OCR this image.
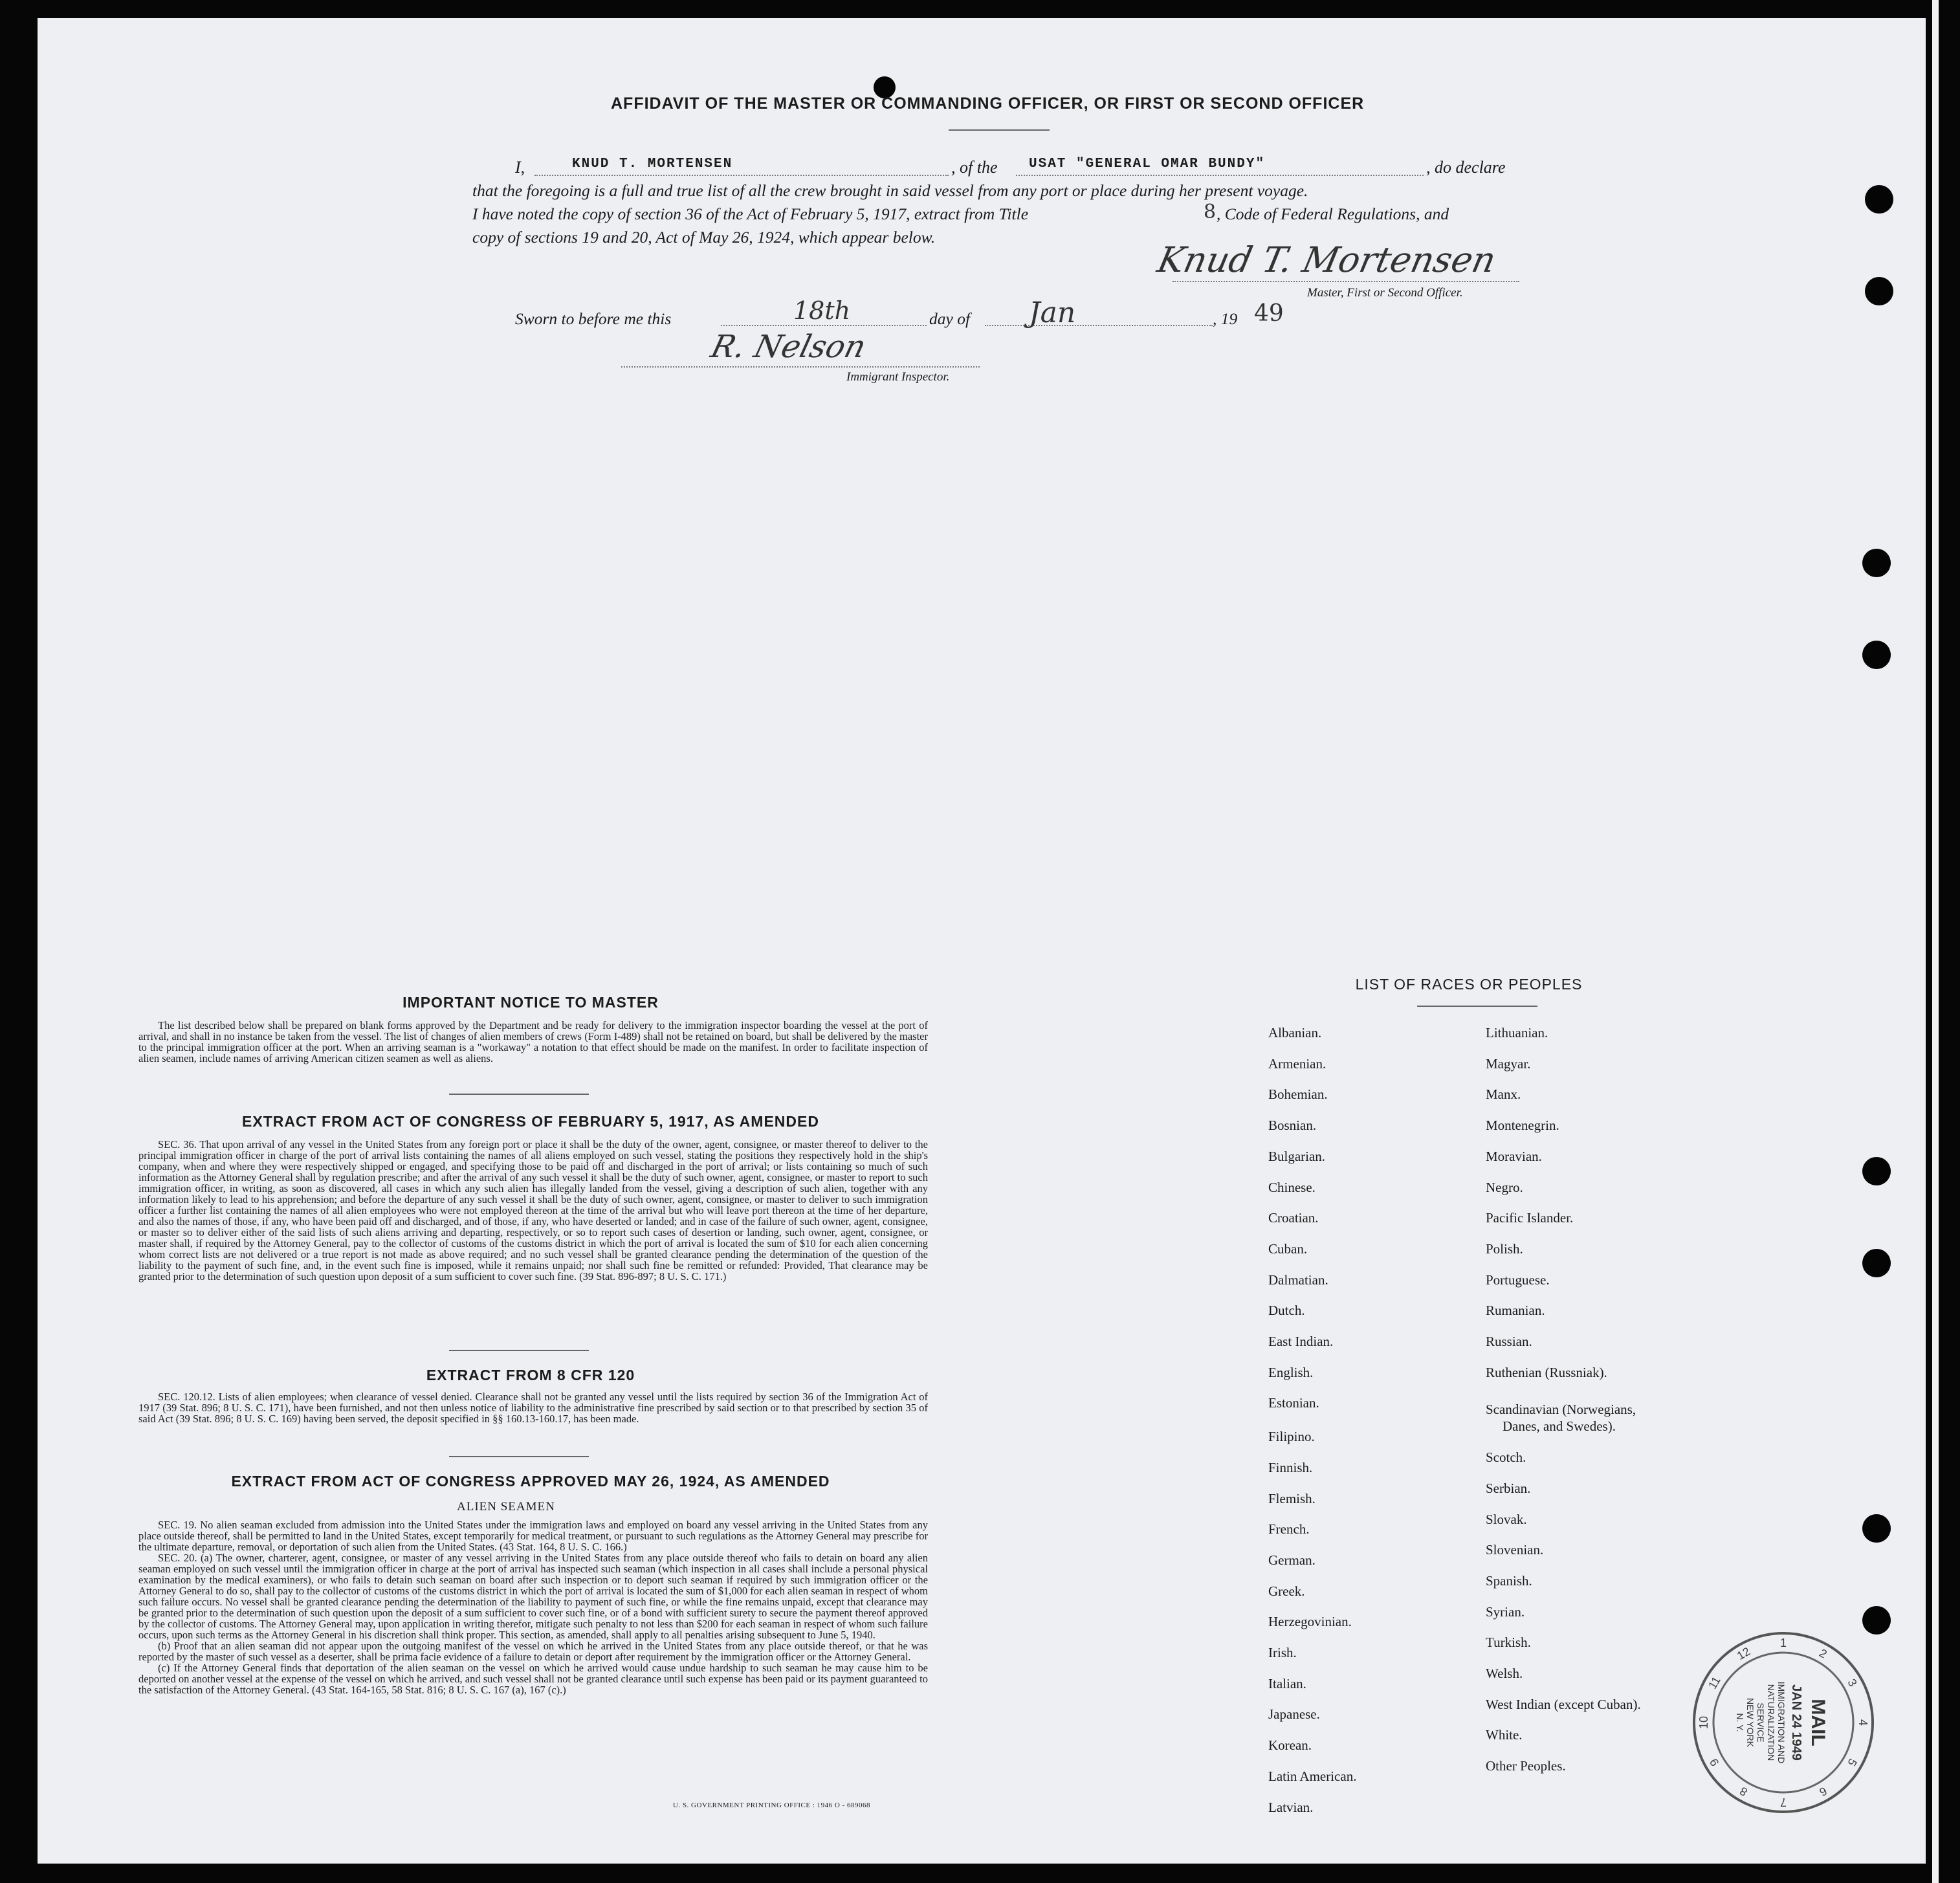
AFFIDAVIT OF THE MASTER OR COMMANDING OFFICER, OR FIRST OR SECOND OFFICER
I,	KNUD T. MORTENSEN	, of the USAT "GENERAL OMAR BUNDY"	, do declare
that the foregoing is a full and true list of all the crew brought in said vessel from any port or place during her present voyage.
I have noted the copy of section 36 of the Act of February 5, 1917, extract from Title	8 , Code of Federal Regulations, and
copy of sections 19 and 20, Act of May 26, 1924, which appear below.
Knud T. Mortensen
Master, First or Second Officer.
Sworn to before me this	18th	day of Jan	, 19 49
R. Nelson
Immigrant Inspector.
IMPORTANT NOTICE TO MASTER

The list described below shall be prepared on blank forms approved by the Department and be ready for delivery to the immigration inspector boarding the vessel at the port of arrival, and shall in no instance be taken from the vessel. The list of changes of alien members of crews (Form I-489) shall not be retained on board, but shall be delivered by the master to the principal immigration officer at the port. When an arriving seaman is a "workaway" a notation to that effect should be made on the manifest. In order to facilitate inspection of alien seamen, include names of arriving American citizen seamen as well as aliens.

EXTRACT FROM ACT OF CONGRESS OF FEBRUARY 5, 1917, AS AMENDED

SEC. 36. That upon arrival of any vessel in the United States from any foreign port or place it shall be the duty of the owner, agent, consignee, or master thereof to deliver to the principal immigration officer in charge of the port of arrival lists containing the names of all aliens employed on such vessel, stating the positions they respectively hold in the ship's company, when and where they were respectively shipped or engaged, and specifying those to be paid off and discharged in the port of arrival; or lists containing so much of such information as the Attorney General shall by regulation prescribe; and after the arrival of any such vessel it shall be the duty of such owner, agent, consignee, or master to report to such immigration officer, in writing, as soon as discovered, all cases in which any such alien has illegally landed from the vessel, giving a description of such alien, together with any information likely to lead to his apprehension; and before the departure of any such vessel it shall be the duty of such owner, agent, consignee, or master to deliver to such immigration officer a further list containing the names of all alien employees who were not employed thereon at the time of the arrival but who will leave port thereon at the time of her departure, and also the names of those, if any, who have been paid off and discharged, and of those, if any, who have deserted or landed; and in case of the failure of such owner, agent, consignee, or master so to deliver either of the said lists of such aliens arriving and departing, respectively, or so to report such cases of desertion or landing, such owner, agent, consignee, or master shall, if required by the Attorney General, pay to the collector of customs of the customs district in which the port of arrival is located the sum of $10 for each alien concerning whom correct lists are not delivered or a true report is not made as above required; and no such vessel shall be granted clearance pending the determination of the question of the liability to the payment of such fine, and, in the event such fine is imposed, while it remains unpaid; nor shall such fine be remitted or refunded: Provided, That clearance may be granted prior to the determination of such question upon deposit of a sum sufficient to cover such fine. (39 Stat. 896-897; 8 U. S. C. 171.)

EXTRACT FROM 8 CFR 120

SEC. 120.12. Lists of alien employees; when clearance of vessel denied. Clearance shall not be granted any vessel until the lists required by section 36 of the Immigration Act of 1917 (39 Stat. 896; 8 U. S. C. 171), have been furnished, and not then unless notice of liability to the administrative fine prescribed by said section or to that prescribed by section 35 of said Act (39 Stat. 896; 8 U. S. C. 169) having been served, the deposit specified in §§ 160.13-160.17, has been made.

EXTRACT FROM ACT OF CONGRESS APPROVED MAY 26, 1924, AS AMENDED
ALIEN SEAMEN

SEC. 19. No alien seaman excluded from admission into the United States under the immigration laws and employed on board any vessel arriving in the United States from any place outside thereof, shall be permitted to land in the United States, except temporarily for medical treatment, or pursuant to such regulations as the Attorney General may prescribe for the ultimate departure, removal, or deportation of such alien from the United States. (43 Stat. 164, 8 U. S. C. 166.)

SEC. 20. (a) The owner, charterer, agent, consignee, or master of any vessel arriving in the United States from any place outside thereof who fails to detain on board any alien seaman employed on such vessel until the immigration officer in charge at the port of arrival has inspected such seaman (which inspection in all cases shall include a personal physical examination by the medical examiners), or who fails to detain such seaman on board after such inspection or to deport such seaman if required by such immigration officer or the Attorney General to do so, shall pay to the collector of customs of the customs district in which the port of arrival is located the sum of $1,000 for each alien seaman in respect of whom such failure occurs. No vessel shall be granted clearance pending the determination of the liability to payment of such fine, or while the fine remains unpaid, except that clearance may be granted prior to the determination of such question upon the deposit of a sum sufficient to cover such fine, or of a bond with sufficient surety to secure the payment thereof approved by the collector of customs. The Attorney General may, upon application in writing therefor, mitigate such penalty to not less than $200 for each seaman in respect of whom such failure occurs, upon such terms as the Attorney General in his discretion shall think proper. This section, as amended, shall apply to all penalties arising subsequent to June 5, 1940.

(b) Proof that an alien seaman did not appear upon the outgoing manifest of the vessel on which he arrived in the United States from any place outside thereof, or that he was reported by the master of such vessel as a deserter, shall be prima facie evidence of a failure to detain or deport after requirement by the immigration officer or the Attorney General.

(c) If the Attorney General finds that deportation of the alien seaman on the vessel on which he arrived would cause undue hardship to such seaman he may cause him to be deported on another vessel at the expense of the vessel on which he arrived, and such vessel shall not be granted clearance until such expense has been paid or its payment guaranteed to the satisfaction of the Attorney General. (43 Stat. 164-165, 58 Stat. 816; 8 U. S. C. 167 (a), 167 (c).)

U. S. GOVERNMENT PRINTING OFFICE : 1946 O - 689068
LIST OF RACES OR PEOPLES
Albanian.
Armenian.
Bohemian.
Bosnian.
Bulgarian.
Chinese.
Croatian.
Cuban.
Dalmatian.
Dutch.
East Indian.
English.
Estonian.
Filipino.
Finnish.
Flemish.
French.
German.
Greek.
Herzegovinian.
Irish.
Italian.
Japanese.
Korean.
Latin American.
Latvian.
Lithuanian.
Magyar.
Manx.
Montenegrin.
Moravian.
Negro.
Pacific Islander.
Polish.
Portuguese.
Rumanian.
Russian.
Ruthenian (Russniak).
Scandinavian (Norwegians,
Danes, and Swedes).
Scotch.
Serbian.
Slovak.
Slovenian.
Spanish.
Syrian.
Turkish.
Welsh.
West Indian (except Cuban).
White.
Other Peoples.
1
2
3
4
5
6
7
8
9
10
11
12
MAIL
JAN 24 1949
IMMIGRATION AND
NATURALIZATION
SERVICE
NEW YORK
N. Y.
